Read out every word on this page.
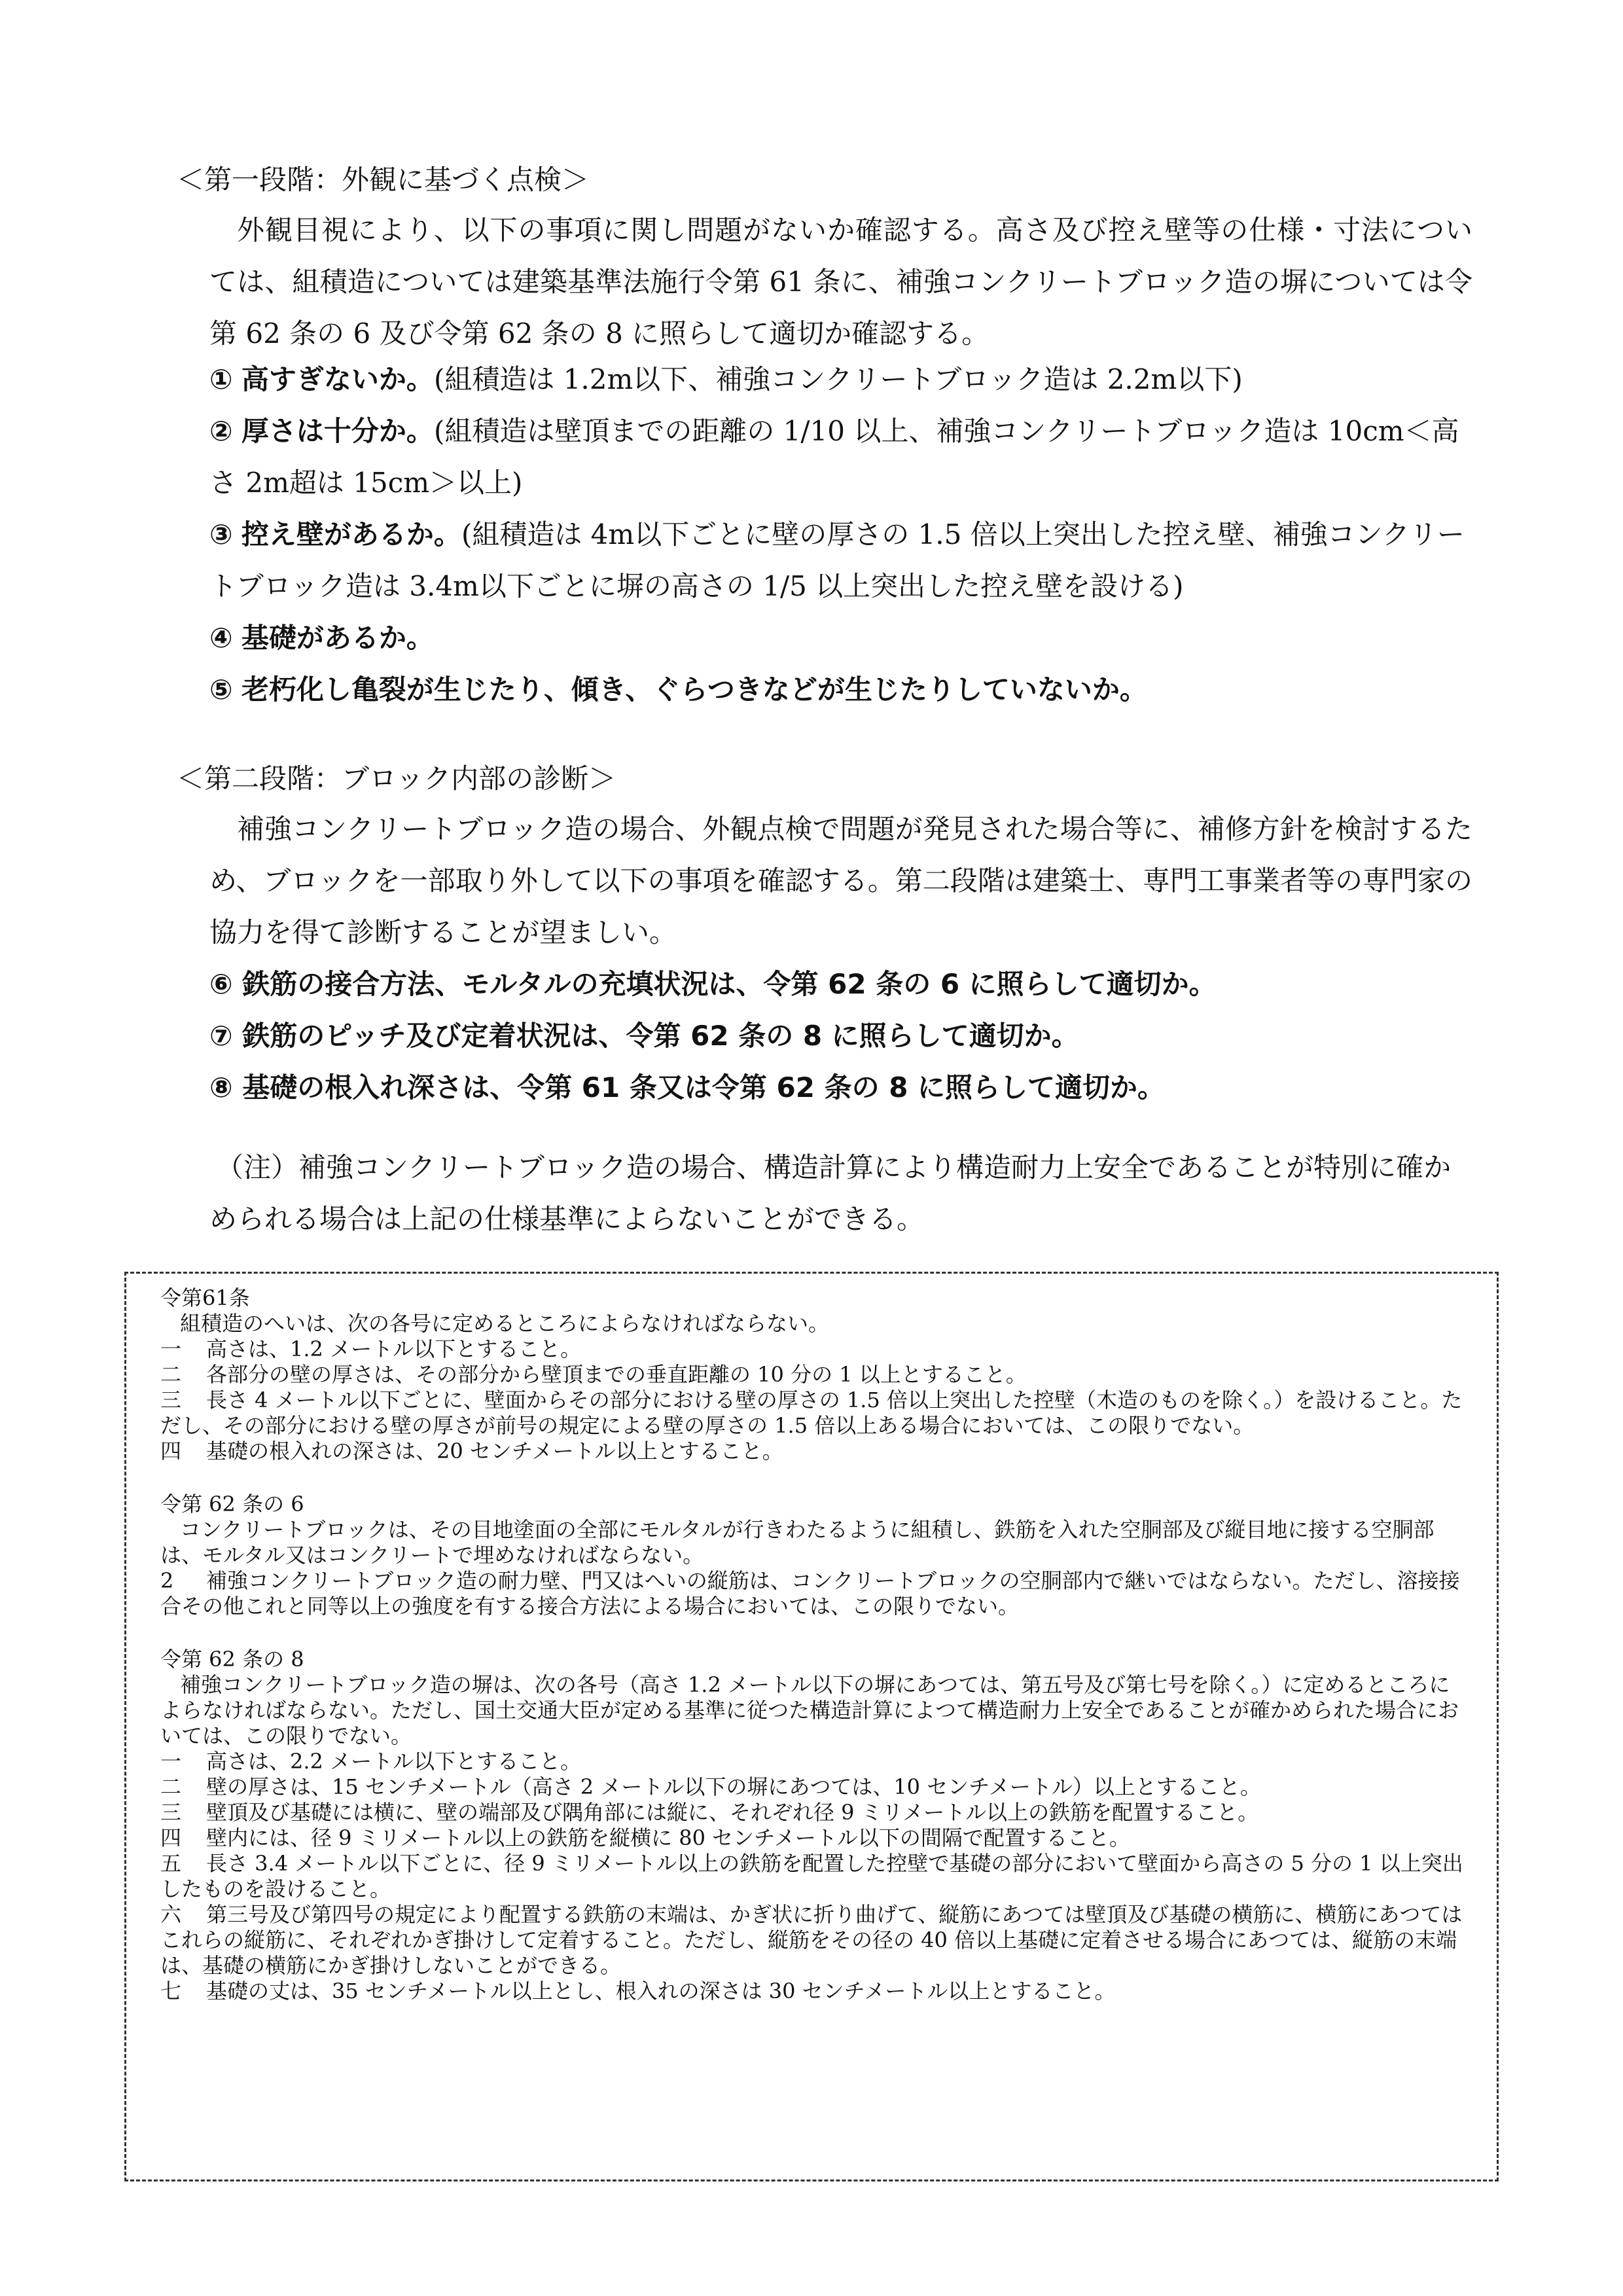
＜第一段階：外観に基づく点検＞
外観目視により、以下の事項に関し問題がないか確認する。高さ及び控え壁等の仕様・寸法については、組積造については建築基準法施行令第 61 条に、補強コンクリートブロック造の塀については令第 62 条の 6 及び令第 62 条の 8 に照らして適切か確認する。
① 高すぎないか。(組積造は 1.2m以下、補強コンクリートブロック造は 2.2m以下)
② 厚さは十分か。(組積造は壁頂までの距離の 1/10 以上、補強コンクリートブロック造は 10cm＜高さ 2m超は 15cm＞以上)
③ 控え壁があるか。(組積造は 4m以下ごとに壁の厚さの 1.5 倍以上突出した控え壁、補強コンクリートブロック造は 3.4m以下ごとに塀の高さの 1/5 以上突出した控え壁を設ける)
④ 基礎があるか。
⑤ 老朽化し亀裂が生じたり、傾き、ぐらつきなどが生じたりしていないか。
＜第二段階：ブロック内部の診断＞
補強コンクリートブロック造の場合、外観点検で問題が発見された場合等に、補修方針を検討するため、ブロックを一部取り外して以下の事項を確認する。第二段階は建築士、専門工事業者等の専門家の協力を得て診断することが望ましい。
⑥ 鉄筋の接合方法、モルタルの充填状況は、令第 62 条の 6 に照らして適切か。
⑦ 鉄筋のピッチ及び定着状況は、令第 62 条の 8 に照らして適切か。
⑧ 基礎の根入れ深さは、令第 61 条又は令第 62 条の 8 に照らして適切か。
（注）補強コンクリートブロック造の場合、構造計算により構造耐力上安全であることが特別に確かめられる場合は上記の仕様基準によらないことができる。
令第61条
組積造のへいは、次の各号に定めるところによらなければならない。
一	高さは、1.2 メートル以下とすること。
二	各部分の壁の厚さは、その部分から壁頂までの垂直距離の 10 分の 1 以上とすること。
三 長さ 4 メートル以下ごとに、壁面からその部分における壁の厚さの 1.5 倍以上突出した控壁（木造のものを除く。）を設けること。ただし、その部分における壁の厚さが前号の規定による壁の厚さの 1.5 倍以上ある場合においては、この限りでない。
四	基礎の根入れの深さは、20 センチメートル以上とすること。
令第 62 条の 6
コンクリートブロックは、その目地塗面の全部にモルタルが行きわたるように組積し、鉄筋を入れた空胴部及び縦目地に接する空胴部は、モルタル又はコンクリートで埋めなければならない。
2 補強コンクリートブロック造の耐力壁、門又はへいの縦筋は、コンクリートブロックの空胴部内で継いではならない。ただし、溶接接合その他これと同等以上の強度を有する接合方法による場合においては、この限りでない。
令第 62 条の 8
補強コンクリートブロック造の塀は、次の各号（高さ 1.2 メートル以下の塀にあつては、第五号及び第七号を除く。）に定めるところによらなければならない。ただし、国土交通大臣が定める基準に従つた構造計算によつて構造耐力上安全であることが確かめられた場合においては、この限りでない。
一	高さは、2.2 メートル以下とすること。
二	壁の厚さは、15 センチメートル（高さ 2 メートル以下の塀にあつては、10 センチメートル）以上とすること。
三	壁頂及び基礎には横に、壁の端部及び隅角部には縦に、それぞれ径 9 ミリメートル以上の鉄筋を配置すること。
四	壁内には、径 9 ミリメートル以上の鉄筋を縦横に 80 センチメートル以下の間隔で配置すること。
五 長さ 3.4 メートル以下ごとに、径 9 ミリメートル以上の鉄筋を配置した控壁で基礎の部分において壁面から高さの 5 分の 1 以上突出したものを設けること。
六 第三号及び第四号の規定により配置する鉄筋の末端は、かぎ状に折り曲げて、縦筋にあつては壁頂及び基礎の横筋に、横筋にあつてはこれらの縦筋に、それぞれかぎ掛けして定着すること。ただし、縦筋をその径の 40 倍以上基礎に定着させる場合にあつては、縦筋の末端は、基礎の横筋にかぎ掛けしないことができる。
七	基礎の丈は、35 センチメートル以上とし、根入れの深さは 30 センチメートル以上とすること。
